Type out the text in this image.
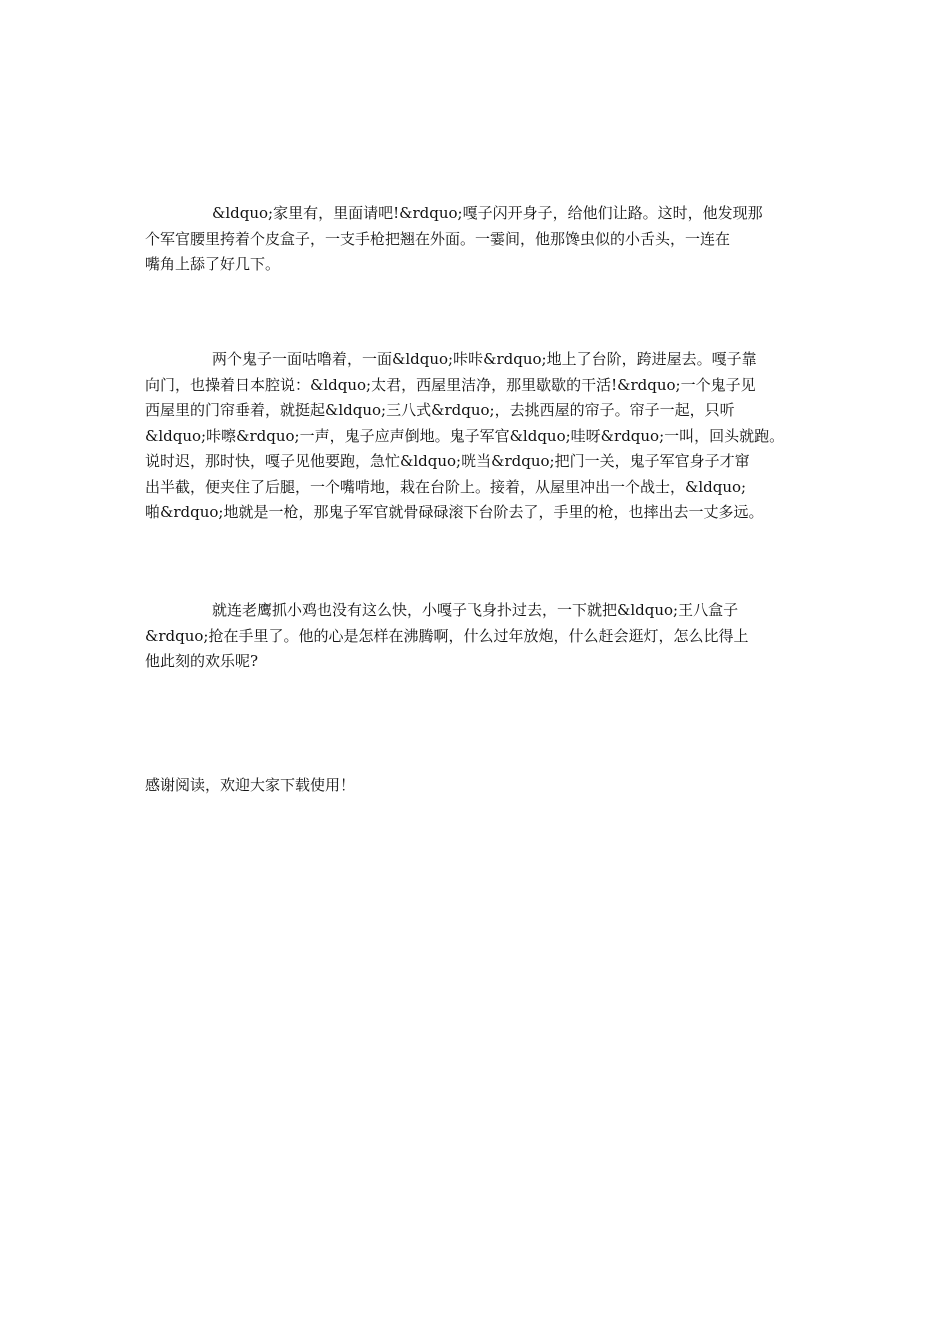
&ldquo;家里有，里面请吧!&rdquo;嘎子闪开身子，给他们让路。这时，他发现那
个军官腰里挎着个皮盒子，一支手枪把翘在外面。一霎间，他那馋虫似的小舌头，一连在
嘴角上舔了好几下。

两个鬼子一面咕噜着，一面&ldquo;咔咔&rdquo;地上了台阶，跨进屋去。嘎子靠
向门，也操着日本腔说：&ldquo;太君，西屋里洁净，那里歇歇的干活!&rdquo;一个鬼子见
西屋里的门帘垂着，就挺起&ldquo;三八式&rdquo;，去挑西屋的帘子。帘子一起，只听
&ldquo;咔嚓&rdquo;一声，鬼子应声倒地。鬼子军官&ldquo;哇呀&rdquo;一叫，回头就跑。
说时迟，那时快，嘎子见他要跑，急忙&ldquo;咣当&rdquo;把门一关，鬼子军官身子才窜
出半截，便夹住了后腿，一个嘴啃地，栽在台阶上。接着，从屋里冲出一个战士，&ldquo;
啪&rdquo;地就是一枪，那鬼子军官就骨碌碌滚下台阶去了，手里的枪，也摔出去一丈多远。

就连老鹰抓小鸡也没有这么快，小嘎子飞身扑过去，一下就把&ldquo;王八盒子
&rdquo;抢在手里了。他的心是怎样在沸腾啊，什么过年放炮，什么赶会逛灯，怎么比得上
他此刻的欢乐呢?

感谢阅读，欢迎大家下载使用！
